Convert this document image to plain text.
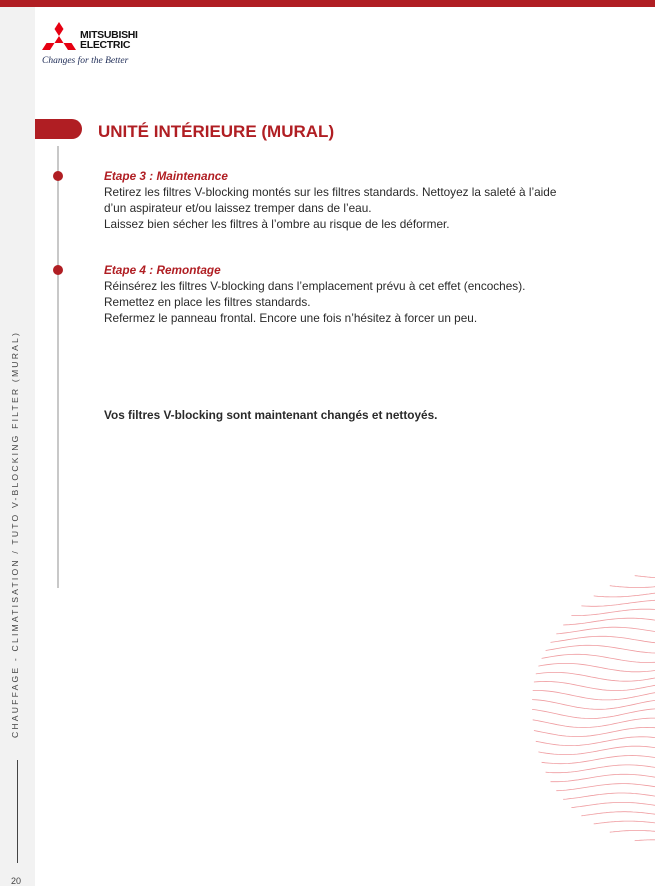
MITSUBISHI
ELECTRIC
Changes for the Better
UNITÉ INTÉRIEURE (MURAL)
Etape 3 : Maintenance
Retirez les filtres V-blocking montés sur les filtres standards. Nettoyez la saleté à l’aide
d’un aspirateur et/ou laissez tremper dans de l’eau.
Laissez bien sécher les filtres à l’ombre au risque de les déformer.
Etape 4 : Remontage
Réinsérez les filtres V-blocking dans l’emplacement prévu à cet effet (encoches).
Remettez en place les filtres standards.
Refermez le panneau frontal. Encore une fois n’hésitez à forcer un peu.

Vos filtres V-blocking sont maintenant changés et nettoyés.

CHAUFFAGE - CLIMATISATION / TUTO V-BLOCKING FILTER (MURAL)
20
